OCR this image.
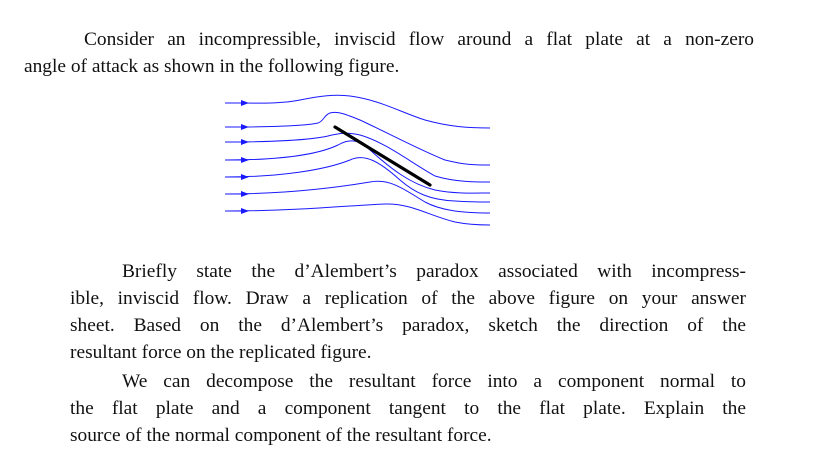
Consider an incompressible, inviscid flow around a flat plate at a non-zero
angle of attack as shown in the following figure.
Briefly state the d’Alembert’s paradox associated with incompress-
ible, inviscid flow. Draw a replication of the above figure on your answer
sheet. Based on the d’Alembert’s paradox, sketch the direction of the
resultant force on the replicated figure.
We can decompose the resultant force into a component normal to
the flat plate and a component tangent to the flat plate. Explain the
source of the normal component of the resultant force.
